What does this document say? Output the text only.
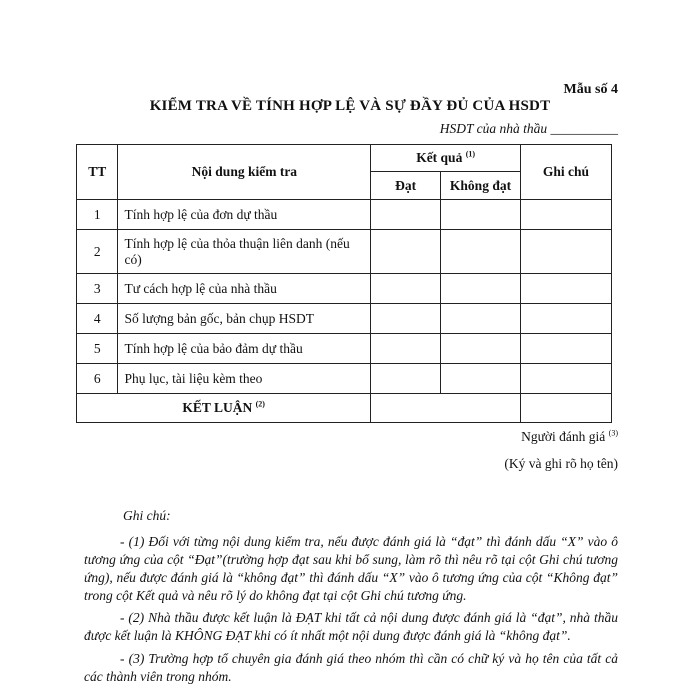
Mẫu số 4
KIỂM TRA VỀ TÍNH HỢP LỆ VÀ SỰ ĐẦY ĐỦ CỦA HSDT
HSDT của nhà thầu __________
TT	Nội dung kiểm tra	Kết quả $^{(1)}$		Ghi chú
		Đạt	Không đạt	
1	Tính hợp lệ của đơn dự thầu			
2	Tính hợp lệ của thỏa thuận liên danh (nếu có)			
3	Tư cách hợp lệ của nhà thầu			
4	Số lượng bản gốc, bản chụp HSDT			
5	Tính hợp lệ của bảo đảm dự thầu			
6	Phụ lục, tài liệu kèm theo			
KẾT LUẬN $^{(2)}$		
Người đánh giá $^{(3)}$
(Ký và ghi rõ họ tên)
Ghi chú:
- (1) Đối với từng nội dung kiểm tra, nếu được đánh giá là “đạt” thì đánh dấu “X” vào ô tương ứng của cột “Đạt”(trường hợp đạt sau khi bổ sung, làm rõ thì nêu rõ tại cột Ghi chú tương ứng), nếu được đánh giá là “không đạt” thì đánh dấu “X” vào ô tương ứng của cột “Không đạt” trong cột Kết quả và nêu rõ lý do không đạt tại cột Ghi chú tương ứng.
- (2) Nhà thầu được kết luận là ĐẠT khi tất cả nội dung được đánh giá là “đạt”, nhà thầu được kết luận là KHÔNG ĐẠT khi có ít nhất một nội dung được đánh giá là “không đạt”.
- (3) Trường hợp tổ chuyên gia đánh giá theo nhóm thì cần có chữ ký và họ tên của tất cả các thành viên trong nhóm.
